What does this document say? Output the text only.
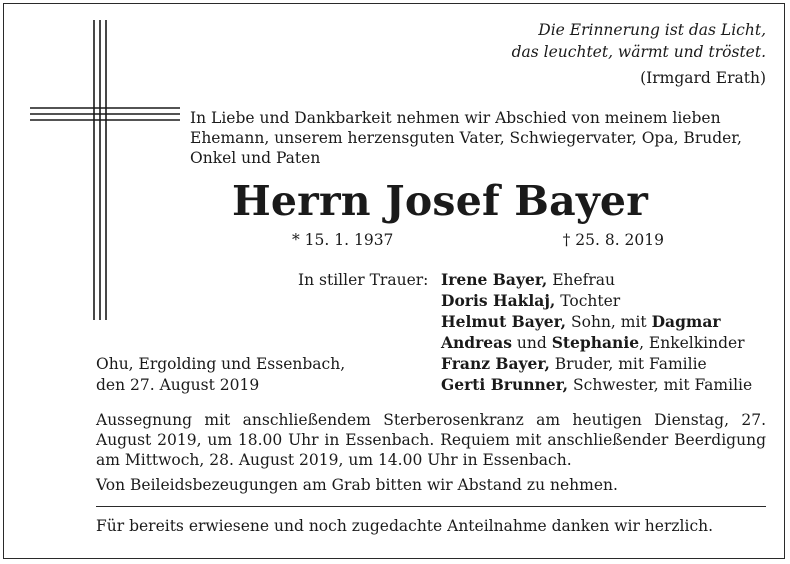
Die Erinnerung ist das Licht,
das leuchtet, wärmt und tröstet.
(Irmgard Erath)
In Liebe und Dankbarkeit nehmen wir Abschied von meinem lieben Ehemann, unserem herzensguten Vater, Schwiegervater, Opa, Bruder, Onkel und Paten
Herrn Josef Bayer
* 15. 1. 1937	† 25. 8. 2019
In stiller Trauer: Irene Bayer, Ehefrau
Doris Haklaj, Tochter
Helmut Bayer, Sohn, mit Dagmar
Andreas und Stephanie, Enkelkinder
Franz Bayer, Bruder, mit Familie
Gerti Brunner, Schwester, mit Familie
Ohu, Ergolding und Essenbach,
den 27. August 2019
Aussegnung mit anschließendem Sterberosenkranz am heutigen Dienstag, 27. August 2019, um 18.00 Uhr in Essenbach. Requiem mit anschließender Beerdigung am Mittwoch, 28. August 2019, um 14.00 Uhr in Essenbach.
Von Beileidsbezeugungen am Grab bitten wir Abstand zu nehmen.
Für bereits erwiesene und noch zugedachte Anteilnahme danken wir herzlich.
